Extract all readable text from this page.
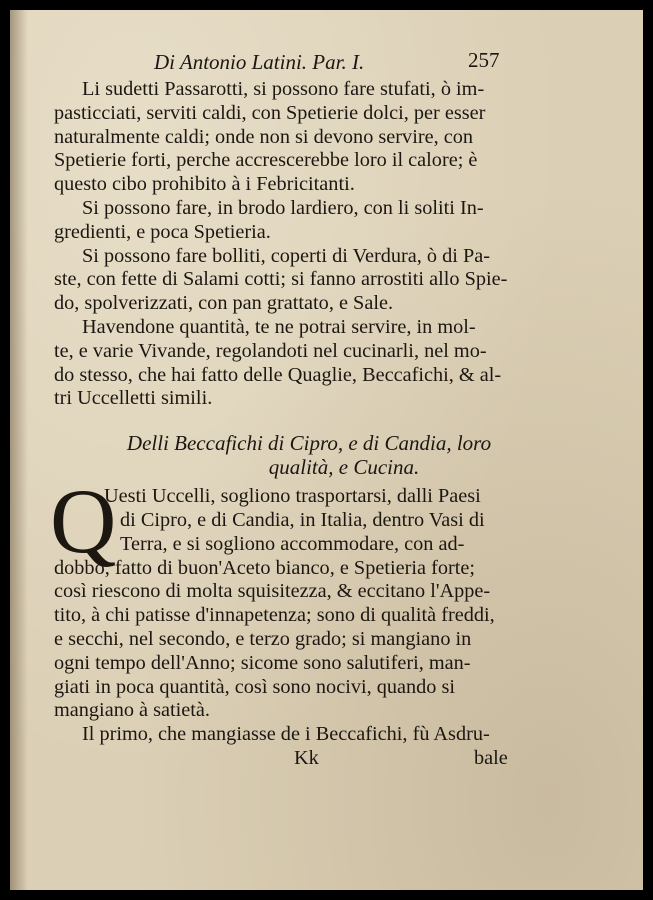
Di Antonio Latini. Par. I.	257
Li sudetti Passarotti, si possono fare stufati, ò im-
pasticciati, serviti caldi, con Spetierie dolci, per esser
naturalmente caldi; onde non si devono servire, con
Spetierie forti, perche accrescerebbe loro il calore; è
questo cibo prohibito à i Febricitanti.
Si possono fare, in brodo lardiero, con li soliti In-
gredienti, e poca Spetieria.
Si possono fare bolliti, coperti di Verdura, ò di Pa-
ste, con fette di Salami cotti; si fanno arrostiti allo Spie-
do, spolverizzati, con pan grattato, e Sale.
Havendone quantità, te ne potrai servire, in mol-
te, e varie Vivande, regolandoti nel cucinarli, nel mo-
do stesso, che hai fatto delle Quaglie, Beccafichi, & al-
tri Uccelletti simili.
Delli Beccafichi di Cipro, e di Candia, loro
qualità, e Cucina.
Q
Uesti Uccelli, sogliono trasportarsi, dalli Paesi
di Cipro, e di Candia, in Italia, dentro Vasi di
Terra, e si sogliono accommodare, con ad-
dobbo, fatto di buon'Aceto bianco, e Spetieria forte;
così riescono di molta squisitezza, & eccitano l'Appe-
tito, à chi patisse d'innapetenza; sono di qualità freddi,
e secchi, nel secondo, e terzo grado; si mangiano in
ogni tempo dell'Anno; sicome sono salutiferi, man-
giati in poca quantità, così sono nocivi, quando si
mangiano à satietà.
Il primo, che mangiasse de i Beccafichi, fù Asdru-
Kk	bale
